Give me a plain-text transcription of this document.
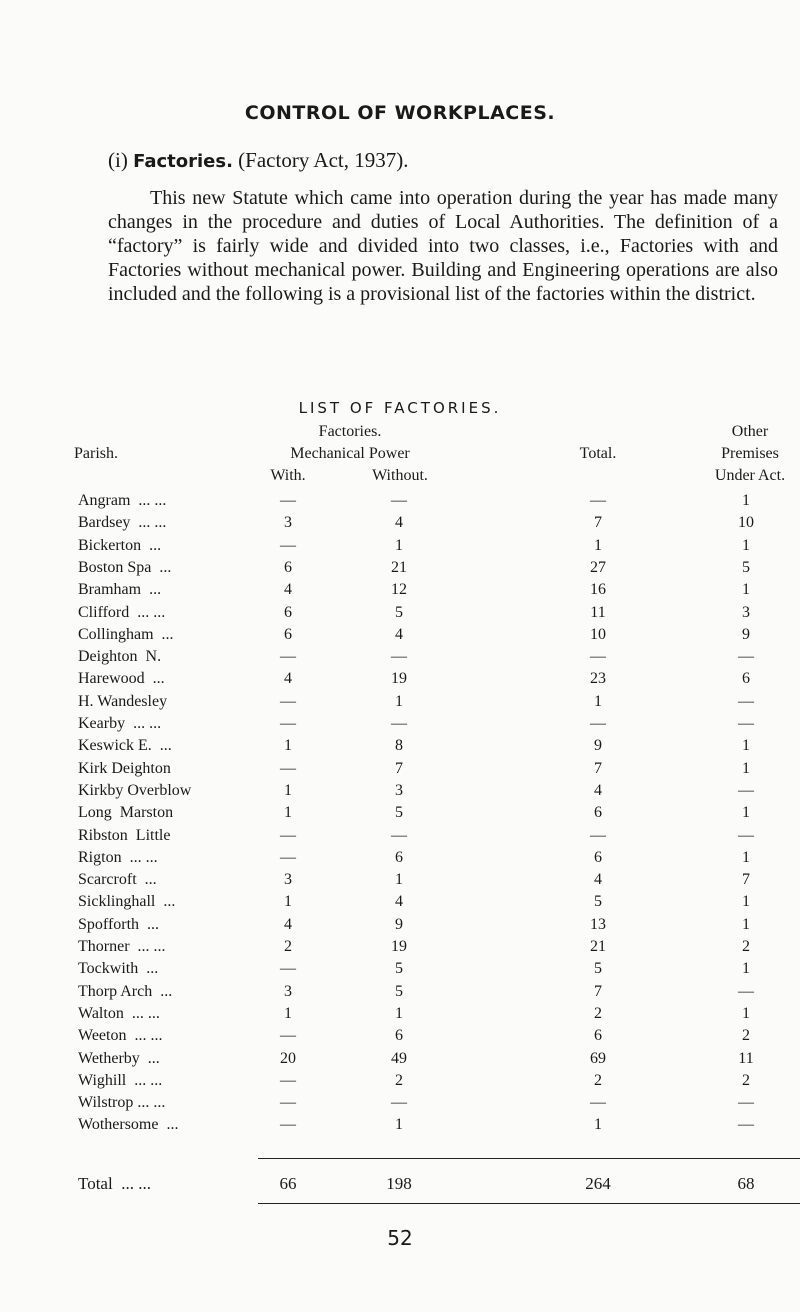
CONTROL OF WORKPLACES.
(i) Factories. (Factory Act, 1937).
This new Statute which came into operation during the year has made many changes in the procedure and duties of Local Authorities. The definition of a “factory” is fairly wide and divided into two classes, i.e., Factories with and Factories without mechanical power. Building and Engineering operations are also included and the following is a provisional list of the factories within the district.
LIST OF FACTORIES.
Parish.
Factories.
Mechanical Power
With.	Without.
Total.
Other
Premises
Under Act.
Angram  ... ...	—	—	—	1
Bardsey  ... ...	3	4	7	10
Bickerton  ...	—	1	1	1
Boston Spa  ...	6	21	27	5
Bramham  ...	4	12	16	1
Clifford  ... ...	6	5	11	3
Collingham  ...	6	4	10	9
Deighton  N.	—	—	—	—
Harewood  ...	4	19	23	6
H. Wandesley	—	1	1	—
Kearby  ... ...	—	—	—	—
Keswick E.  ...	1	8	9	1
Kirk Deighton	—	7	7	1
Kirkby Overblow	1	3	4	—
Long  Marston	1	5	6	1
Ribston  Little	—	—	—	—
Rigton  ... ...	—	6	6	1
Scarcroft  ...	3	1	4	7
Sicklinghall  ...	1	4	5	1
Spofforth  ...	4	9	13	1
Thorner  ... ...	2	19	21	2
Tockwith  ...	—	5	5	1
Thorp Arch  ...	3	5	7	—
Walton  ... ...	1	1	2	1
Weeton  ... ...	—	6	6	2
Wetherby  ...	20	49	69	11
Wighill  ... ...	—	2	2	2
Wilstrop ... ...	—	—	—	—
Wothersome  ...	—	1	1	—
Total  ... ...	66	198	264	68
52
